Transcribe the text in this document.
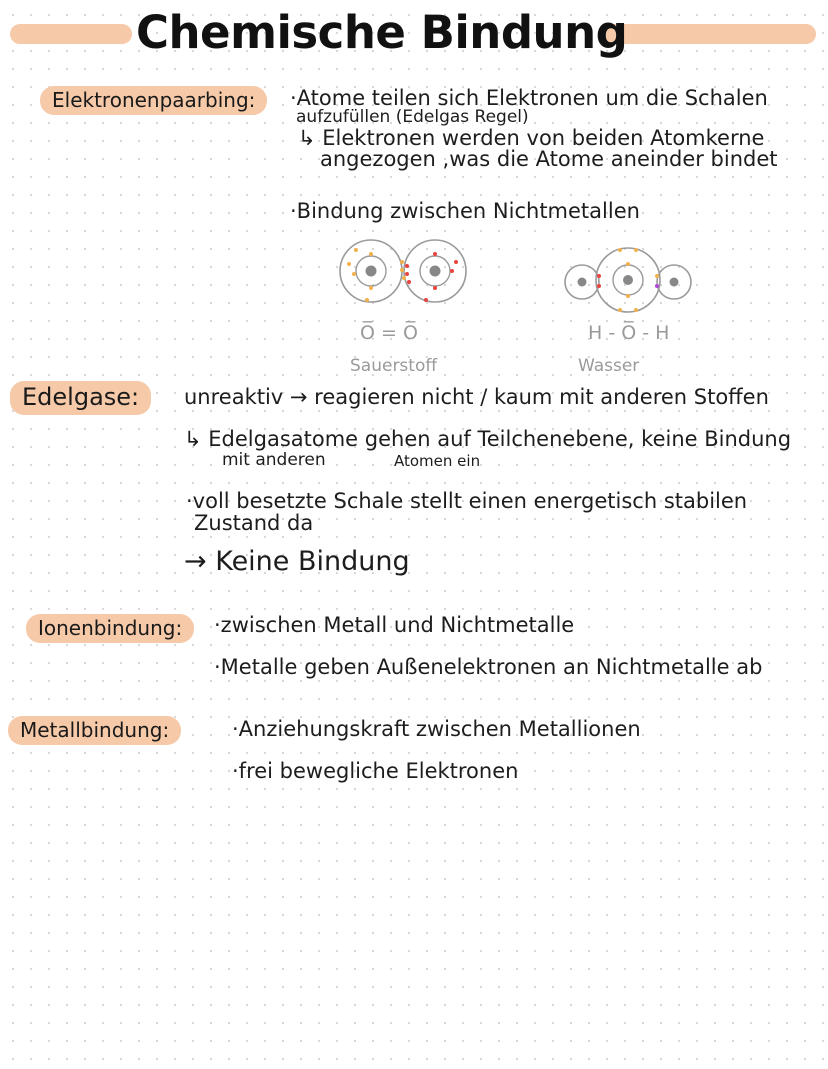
Chemische Bindung
Elektronenpaarbing:	·Atome teilen sich Elektronen um die Schalen
aufzufüllen (Edelgas Regel)
↳ Elektronen werden von beiden Atomkerne
angezogen ,was die Atome aneinder bindet
·Bindung zwischen Nichtmetallen
O̅ = O̅
Sauerstoff
H - O̅ - H
Wasser
Edelgase:	unreaktiv → reagieren nicht / kaum mit anderen Stoffen
↳ Edelgasatome gehen auf Teilchenebene, keine Bindung
mit anderen	Atomen ein
·voll besetzte Schale stellt einen energetisch stabilen
Zustand da
→ Keine Bindung
Ionenbindung:	·zwischen Metall und Nichtmetalle
·Metalle geben Außenelektronen an Nichtmetalle ab
Metallbindung:	·Anziehungskraft zwischen Metallionen
·frei bewegliche Elektronen
